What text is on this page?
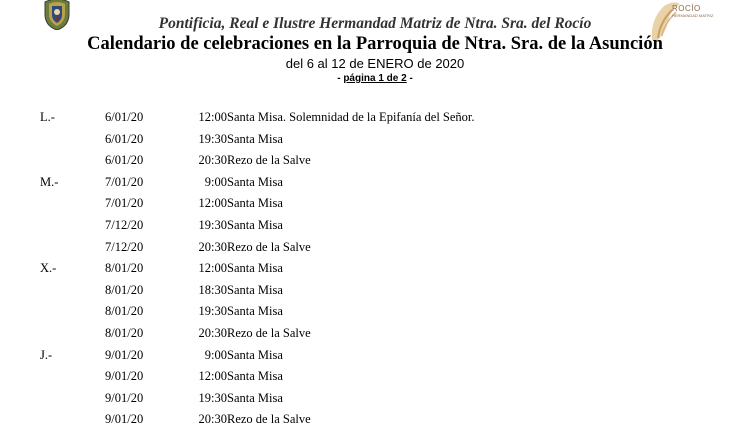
ROCÍO
HERMANDAD MATRIZ
Pontificia, Real e Ilustre Hermandad Matriz de Ntra. Sra. del Rocío
Calendario de celebraciones en la Parroquia de Ntra. Sra. de la Asunción
del 6 al 12 de ENERO de 2020
- página 1 de 2 -
L.-	6/01/20	12:00 Santa Misa. Solemnidad de la Epifanía del Señor.
6/01/20	19:30 Santa Misa
6/01/20	20:30 Rezo de la Salve
M.-	7/01/20	9:00 Santa Misa
7/01/20	12:00 Santa Misa
7/12/20	19:30 Santa Misa
7/12/20	20:30 Rezo de la Salve
X.-	8/01/20	12:00 Santa Misa
8/01/20	18:30 Santa Misa
8/01/20	19:30 Santa Misa
8/01/20	20:30 Rezo de la Salve
J.-	9/01/20	9:00 Santa Misa
9/01/20	12:00 Santa Misa
9/01/20	19:30 Santa Misa
9/01/20	20:30 Rezo de la Salve
